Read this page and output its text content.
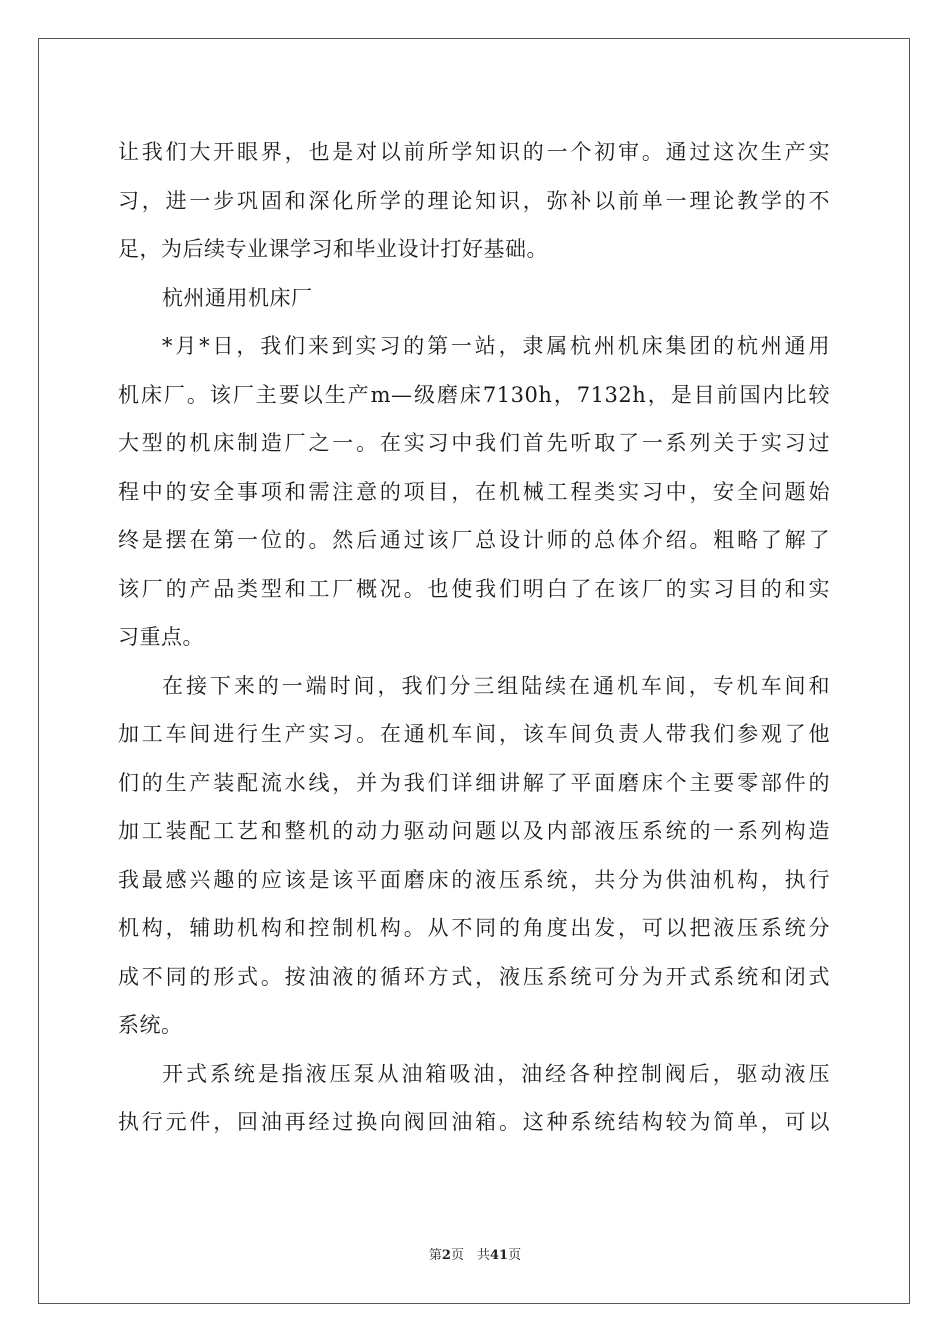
让我们大开眼界，也是对以前所学知识的一个初审。通过这次生产实
习，进一步巩固和深化所学的理论知识，弥补以前单一理论教学的不
足，为后续专业课学习和毕业设计打好基础。
杭州通用机床厂
*月*日，我们来到实习的第一站，隶属杭州机床集团的杭州通用
机床厂。该厂主要以生产m—级磨床7130h，7132h，是目前国内比较
大型的机床制造厂之一。在实习中我们首先听取了一系列关于实习过
程中的安全事项和需注意的项目，在机械工程类实习中，安全问题始
终是摆在第一位的。然后通过该厂总设计师的总体介绍。粗略了解了
该厂的产品类型和工厂概况。也使我们明白了在该厂的实习目的和实
习重点。
在接下来的一端时间，我们分三组陆续在通机车间，专机车间和
加工车间进行生产实习。在通机车间，该车间负责人带我们参观了他
们的生产装配流水线，并为我们详细讲解了平面磨床个主要零部件的
加工装配工艺和整机的动力驱动问题以及内部液压系统的一系列构造
我最感兴趣的应该是该平面磨床的液压系统，共分为供油机构，执行
机构，辅助机构和控制机构。从不同的角度出发，可以把液压系统分
成不同的形式。按油液的循环方式，液压系统可分为开式系统和闭式
系统。
开式系统是指液压泵从油箱吸油，油经各种控制阀后，驱动液压
执行元件，回油再经过换向阀回油箱。这种系统结构较为简单，可以
第2页　共41页
